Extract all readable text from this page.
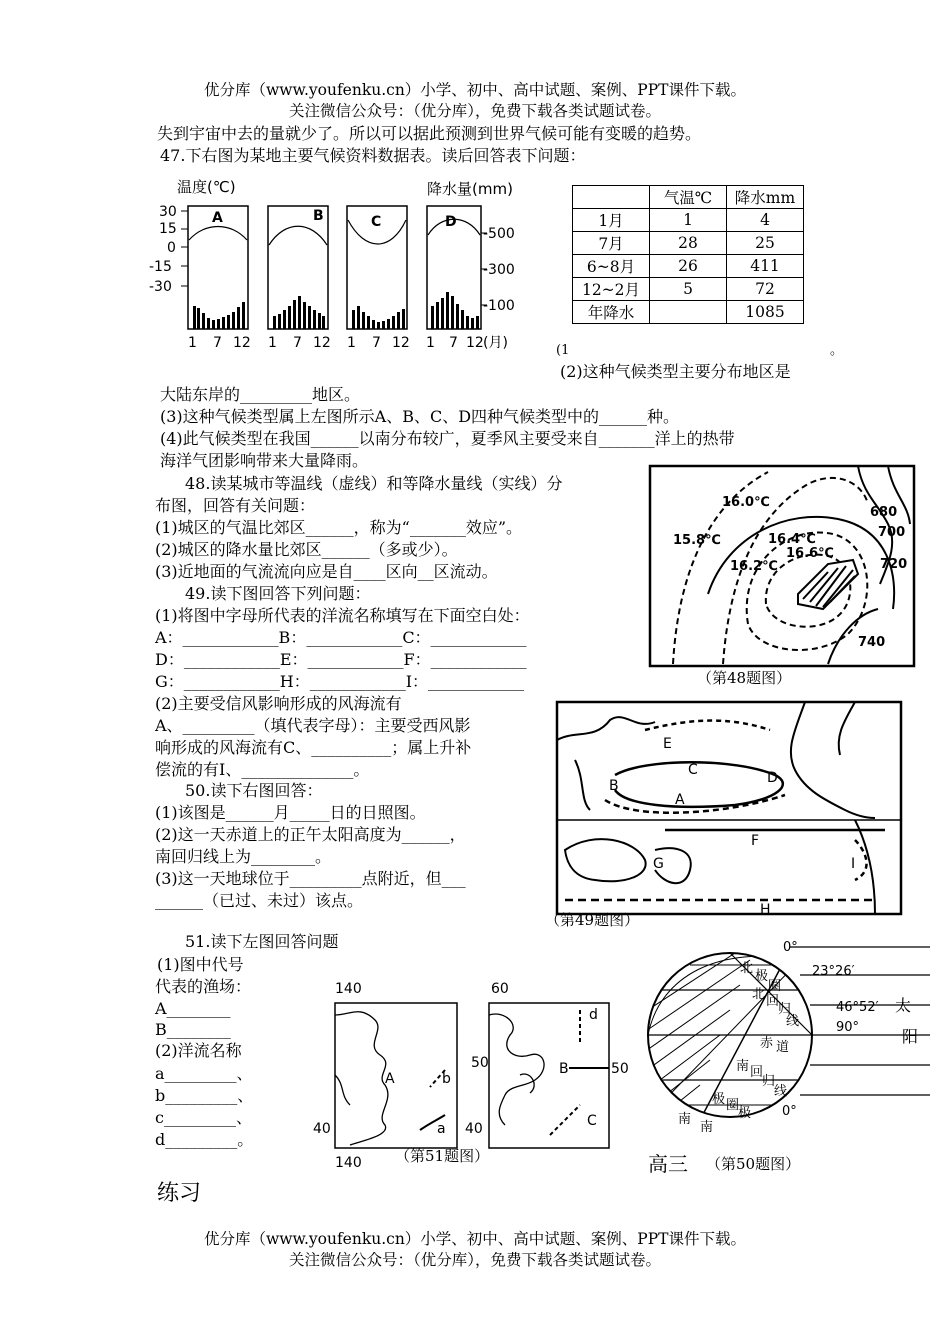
优分库（www.youfenku.cn）小学、初中、高中试题、案例、PPT课件下载。
关注微信公众号：（优分库），免费下载各类试题试卷。
失到宇宙中去的量就少了。所以可以据此预测到世界气候可能有变暖的趋势。
47.下右图为某地主要气候资料数据表。读后回答表下问题：
温度(℃)	降水量(mm)
30
15
0
-15
-30
-500
-300
-100
A	B	C	D
1 7 12 1 7 12 1 7 12 1 7 12 (月)
	气温℃	降水mm
1月	1	4
7月	28	25
6~8月	26	411
12~2月	5	72
年降水		1085
(1	。
(2)这种气候类型主要分布地区是
大陆东岸的_________地区。
(3)这种气候类型属上左图所示A、B、C、D四种气候类型中的______种。
(4)此气候类型在我国______以南分布较广，夏季风主要受来自_______洋上的热带
海洋气团影响带来大量降雨。
48.读某城市等温线（虚线）和等降水量线（实线）分
布图，回答有关问题：
(1)城区的气温比郊区______，称为“_______效应”。
(2)城区的降水量比郊区______（多或少）。
(3)近地面的气流流向应是自____区向__区流动。
16.0℃
15.8℃	16.4℃
16.6℃
16.2℃
680
700
720
740
（第48题图）
49.读下图回答下列问题：
(1)将图中字母所代表的洋流名称填写在下面空白处：
A：____________B：____________C：____________
D：____________E：____________F：____________
G：____________H：____________I：____________
(2)主要受信风影响形成的风海流有
A、_________（填代表字母）：主要受西风影
响形成的风海流有C、__________；属上升补
偿流的有I、______________。
E
C	D
B
A
F
G	I
H
（第49题图）
50.读下右图回答：
(1)该图是______月_____日的日照图。
(2)这一天赤道上的正午太阳高度为______，
南回归线上为________。
(3)这一天地球位于_________点附近，但___
______（已过、未过）该点。
51.读下左图回答问题
(1)图中代号
代表的渔场：
A________
B________
(2)洋流名称
a_________、
b_________、
c_________、
d_________。
140
40
140
A	b
a
60
50
40
B	50
d
C
（第51题图）
0°
23°26′
46°52′
90°
太
阳
北
极
圈
北 回
归
线
赤 道
南 回
归
线
南
极 圈
南
极 0°
高三 （第50题图）
练习
优分库（www.youfenku.cn）小学、初中、高中试题、案例、PPT课件下载。
关注微信公众号：（优分库），免费下载各类试题试卷。
